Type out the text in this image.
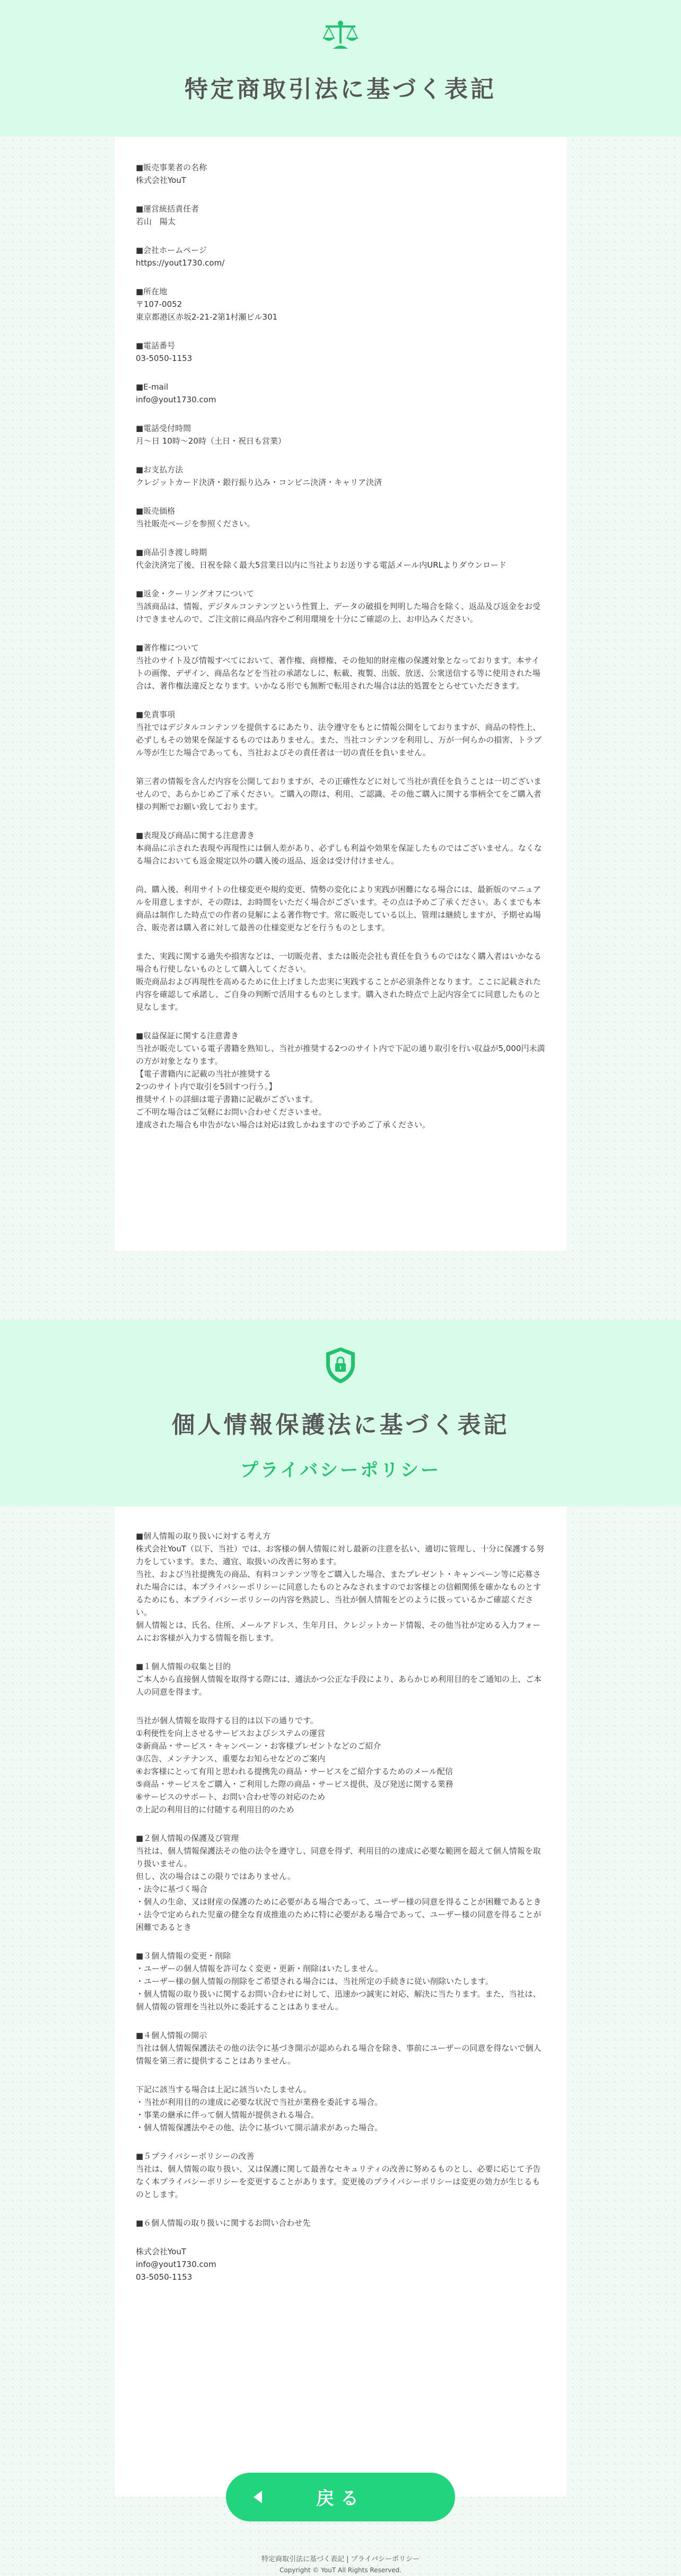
特定商取引法に基づく表記
■販売事業者の名称
株式会社YouT
■運営統括責任者
若山　陽太
■会社ホームページ
https://yout1730.com/
■所在地
〒107-0052
東京都港区赤坂2-21-2第1村瀬ビル301
■電話番号
03-5050-1153
■E-mail
info@yout1730.com
■電話受付時間
月〜日 10時〜20時（土日・祝日も営業）
■お支払方法
クレジットカード決済・銀行振り込み・コンビニ決済・キャリア決済
■販売価格
当社販売ページを参照ください。
■商品引き渡し時期
代金決済完了後、日祝を除く最大5営業日以内に当社よりお送りする電話メール内URLよりダウンロード
■返金・クーリングオフについて
当該商品は、情報、デジタルコンテンツという性質上、データの破損を判明した場合を除く、返品及び返金をお受けできませんので、ご注文前に商品内容やご利用環境を十分にご確認の上、お申込みください。
■著作権について
当社のサイト及び情報すべてにおいて、著作権、商標権、その他知的財産権の保護対象となっております。本サイトの画像、デザイン、商品名などを当社の承諾なしに、転載、複製、出版、放送、公衆送信する等に使用された場合は、著作権法違反となります。いかなる形でも無断で転用された場合は法的処置をとらせていただきます。
■免責事項
当社ではデジタルコンテンツを提供するにあたり、法令遵守をもとに情報公開をしておりますが、商品の特性上、必ずしもその効果を保証するものではありません。また、当社コンテンツを利用し、万が一何らかの損害、トラブル等が生じた場合であっても、当社およびその責任者は一切の責任を負いません。
第三者の情報を含んだ内容を公開しておりますが、その正確性などに対して当社が責任を負うことは一切ございませんので、あらかじめご了承ください。ご購入の際は、利用、ご認識、その他ご購入に関する事柄全てをご購入者様の判断でお願い致しております。
■表現及び商品に関する注意書き
本商品に示された表現や再現性には個人差があり、必ずしも利益や効果を保証したものではございません。なくなる場合においても返金規定以外の購入後の返品、返金は受け付けません。
尚、購入後、利用サイトの仕様変更や規約変更、情勢の変化により実践が困難になる場合には、最新版のマニュアルを用意しますが、その際は、お時間をいただく場合がございます。その点は予めご了承ください。あくまでも本商品は制作した時点での作者の見解による著作物です。常に販売している以上、管理は継続しますが、予期せぬ場合、販売者は購入者に対して最善の仕様変更などを行うものとします。
また、実践に関する過失や損害などは、一切販売者、または販売会社も責任を負うものではなく購入者はいかなる場合も行使しないものとして購入してください。
販売商品および再現性を高めるために仕上げました忠実に実践することが必須条件となります。ここに記載された内容を確認して承諾し、ご自身の判断で活用するものとします。購入された時点で上記内容全てに同意したものと見なします。
■収益保証に関する注意書き
当社が販売している電子書籍を熟知し、当社が推奨する2つのサイト内で下記の通り取引を行い収益が5,000円未満の方が対象となります。
【電子書籍内に記載の当社が推奨する
2つのサイト内で取引を5回すつ行う。】
推奨サイトの詳細は電子書籍に記載がございます。
ご不明な場合はご気軽にお問い合わせくださいませ。
達成された場合も申告がない場合は対応は致しかねますので予めご了承ください。
個人情報保護法に基づく表記
プライバシーポリシー
■個人情報の取り扱いに対する考え方
株式会社YouT（以下、当社）では、お客様の個人情報に対し最新の注意を払い、適切に管理し、十分に保護する努力をしています。また、適宜、取扱いの改善に努めます。
当社、および当社提携先の商品、有料コンテンツ等をご購入した場合、またプレゼント・キャンペーン等に応募された場合には、本プライバシーポリシーに同意したものとみなされますのでお客様との信頼関係を確かなものとするためにも、本プライバシーポリシーの内容を熟読し、当社が個人情報をどのように扱っているかご確認ください。
個人情報とは、氏名、住所、メールアドレス、生年月日、クレジットカード情報、その他当社が定める入力フォームにお客様が入力する情報を指します。
■１個人情報の収集と目的
ご本人から直接個人情報を取得する際には、適法かつ公正な手段により、あらかじめ利用目的をご通知の上、ご本人の同意を得ます。
当社が個人情報を取得する目的は以下の通りです。
①利便性を向上させるサービスおよびシステムの運営
②新商品・サービス・キャンペーン・お客様プレゼントなどのご紹介
③広告、メンテナンス、重要なお知らせなどのご案内
④お客様にとって有用と思われる提携先の商品・サービスをご紹介するためのメール配信
⑤商品・サービスをご購入・ご利用した際の商品・サービス提供、及び発送に関する業務
⑥サービスのサポート、お問い合わせ等の対応のため
⑦上記の利用目的に付随する利用目的のため
■２個人情報の保護及び管理
当社は、個人情報保護法その他の法令を遵守し、同意を得ず、利用目的の達成に必要な範囲を超えて個人情報を取り扱いません。
但し、次の場合はこの限りではありません。
・法令に基づく場合
・個人の生命、又は財産の保護のために必要がある場合であって、ユーザー様の同意を得ることが困難であるとき
・法令で定められた児童の健全な育成推進のために特に必要がある場合であって、ユーザー様の同意を得ることが困難であるとき
■３個人情報の変更・削除
・ユーザーの個人情報を許可なく変更・更新・削除はいたしません。
・ユーザー様の個人情報の削除をご希望される場合には、当社所定の手続きに従い削除いたします。
・個人情報の取り扱いに関するお問い合わせに対して、迅速かつ誠実に対応、解決に当たります。また、当社は、個人情報の管理を当社以外に委託することはありません。
■４個人情報の開示
当社は個人情報保護法その他の法令に基づき開示が認められる場合を除き、事前にユーザーの同意を得ないで個人情報を第三者に提供することはありません。
下記に該当する場合は上記に該当いたしません。
・当社が利用目的の達成に必要な状況で当社が業務を委託する場合。
・事業の継承に伴って個人情報が提供される場合。
・個人情報保護法やその他、法令に基づいて開示請求があった場合。
■５プライバシーポリシーの改善
当社は、個人情報の取り扱い、又は保護に関して最善なセキュリティの改善に努めるものとし、必要に応じて予告なく本プライバシーポリシーを変更することがあります。変更後のプライバシーポリシーは変更の効力が生じるものとします。
■６個人情報の取り扱いに関するお問い合わせ先
株式会社YouT
info@yout1730.com
03-5050-1153
戻る
特定商取引法に基づく表記 | プライバシーポリシー
Copyright © YouT All Rights Reserved.
